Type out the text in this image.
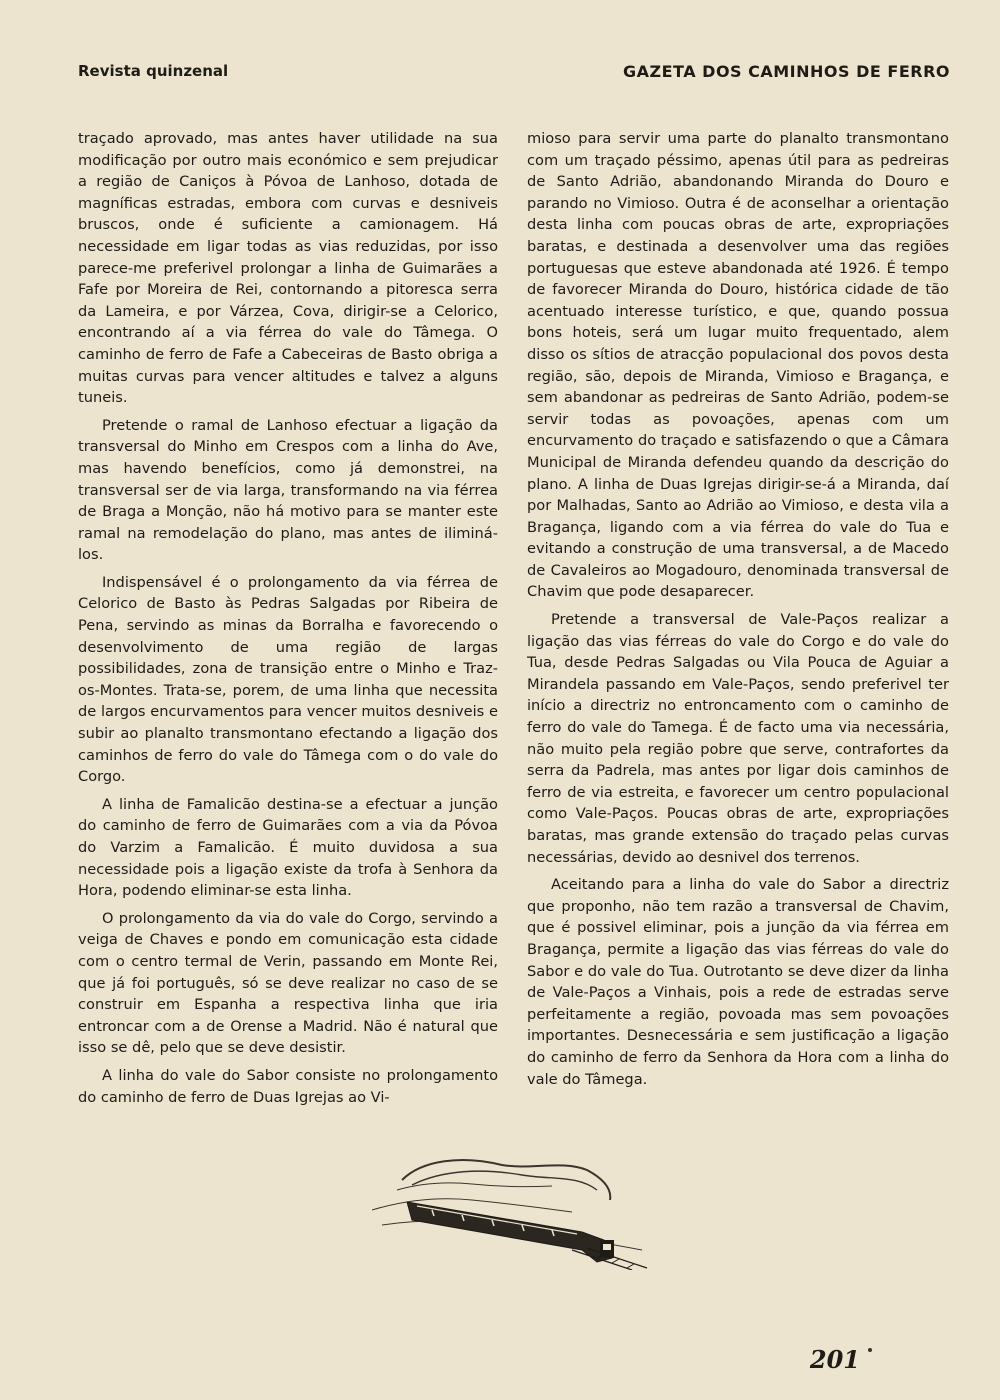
Revista quinzenal	GAZETA DOS CAMINHOS DE FERRO

traçado aprovado, mas antes haver utilidade na sua modificação por outro mais económico e sem prejudicar a região de Caniços à Póvoa de Lanhoso, dotada de magníficas estradas, embora com curvas e desniveis bruscos, onde é suficiente a camionagem. Há necessidade em ligar todas as vias reduzidas, por isso parece-me preferivel prolongar a linha de Guimarães a Fafe por Moreira de Rei, contornando a pitoresca serra da Lameira, e por Várzea, Cova, dirigir-se a Celorico, encontrando aí a via férrea do vale do Tâmega. O caminho de ferro de Fafe a Cabeceiras de Basto obriga a muitas curvas para vencer altitudes e talvez a alguns tuneis.

Pretende o ramal de Lanhoso efectuar a ligação da transversal do Minho em Crespos com a linha do Ave, mas havendo benefícios, como já demonstrei, na transversal ser de via larga, transformando na via férrea de Braga a Monção, não há motivo para se manter este ramal na remodelação do plano, mas antes de iliminá-los.

Indispensável é o prolongamento da via férrea de Celorico de Basto às Pedras Salgadas por Ribeira de Pena, servindo as minas da Borralha e favorecendo o desenvolvimento de uma região de largas possibilidades, zona de transição entre o Minho e Traz-os-Montes. Trata-se, porem, de uma linha que necessita de largos encurvamentos para vencer muitos desniveis e subir ao planalto transmontano efectando a ligação dos caminhos de ferro do vale do Tâmega com o do vale do Corgo.

A linha de Famalicão destina-se a efectuar a junção do caminho de ferro de Guimarães com a via da Póvoa do Varzim a Famalicão. É muito duvidosa a sua necessidade pois a ligação existe da trofa à Senhora da Hora, podendo eliminar-se esta linha.

O prolongamento da via do vale do Corgo, servindo a veiga de Chaves e pondo em comunicação esta cidade com o centro termal de Verin, passando em Monte Rei, que já foi português, só se deve realizar no caso de se construir em Espanha a respectiva linha que iria entroncar com a de Orense a Madrid. Não é natural que isso se dê, pelo que se deve desistir.

A linha do vale do Sabor consiste no prolongamento do caminho de ferro de Duas Igrejas ao Vi-

mioso para servir uma parte do planalto transmontano com um traçado péssimo, apenas útil para as pedreiras de Santo Adrião, abandonando Miranda do Douro e parando no Vimioso. Outra é de aconselhar a orientação desta linha com poucas obras de arte, expropriações baratas, e destinada a desenvolver uma das regiões portuguesas que esteve abandonada até 1926. É tempo de favorecer Miranda do Douro, histórica cidade de tão acentuado interesse turístico, e que, quando possua bons hoteis, será um lugar muito frequentado, alem disso os sítios de atracção populacional dos povos desta região, são, depois de Miranda, Vimioso e Bragança, e sem abandonar as pedreiras de Santo Adrião, podem-se servir todas as povoações, apenas com um encurvamento do traçado e satisfazendo o que a Câmara Municipal de Miranda defendeu quando da descrição do plano. A linha de Duas Igrejas dirigir-se-á a Miranda, daí por Malhadas, Santo ao Adrião ao Vimioso, e desta vila a Bragança, ligando com a via férrea do vale do Tua e evitando a construção de uma transversal, a de Macedo de Cavaleiros ao Mogadouro, denominada transversal de Chavim que pode desaparecer.

Pretende a transversal de Vale-Paços realizar a ligação das vias férreas do vale do Corgo e do vale do Tua, desde Pedras Salgadas ou Vila Pouca de Aguiar a Mirandela passando em Vale-Paços, sendo preferivel ter início a directriz no entroncamento com o caminho de ferro do vale do Tamega. É de facto uma via necessária, não muito pela região pobre que serve, contrafortes da serra da Padrela, mas antes por ligar dois caminhos de ferro de via estreita, e favorecer um centro populacional como Vale-Paços. Poucas obras de arte, expropriações baratas, mas grande extensão do traçado pelas curvas necessárias, devido ao desnivel dos terrenos.

Aceitando para a linha do vale do Sabor a directriz que proponho, não tem razão a transversal de Chavim, que é possivel eliminar, pois a junção da via férrea em Bragança, permite a ligação das vias férreas do vale do Sabor e do vale do Tua. Outrotanto se deve dizer da linha de Vale-Paços a Vinhais, pois a rede de estradas serve perfeitamente a região, povoada mas sem povoações importantes. Desnecessária e sem justificação a ligação do caminho de ferro da Senhora da Hora com a linha do vale do Tâmega.

201
